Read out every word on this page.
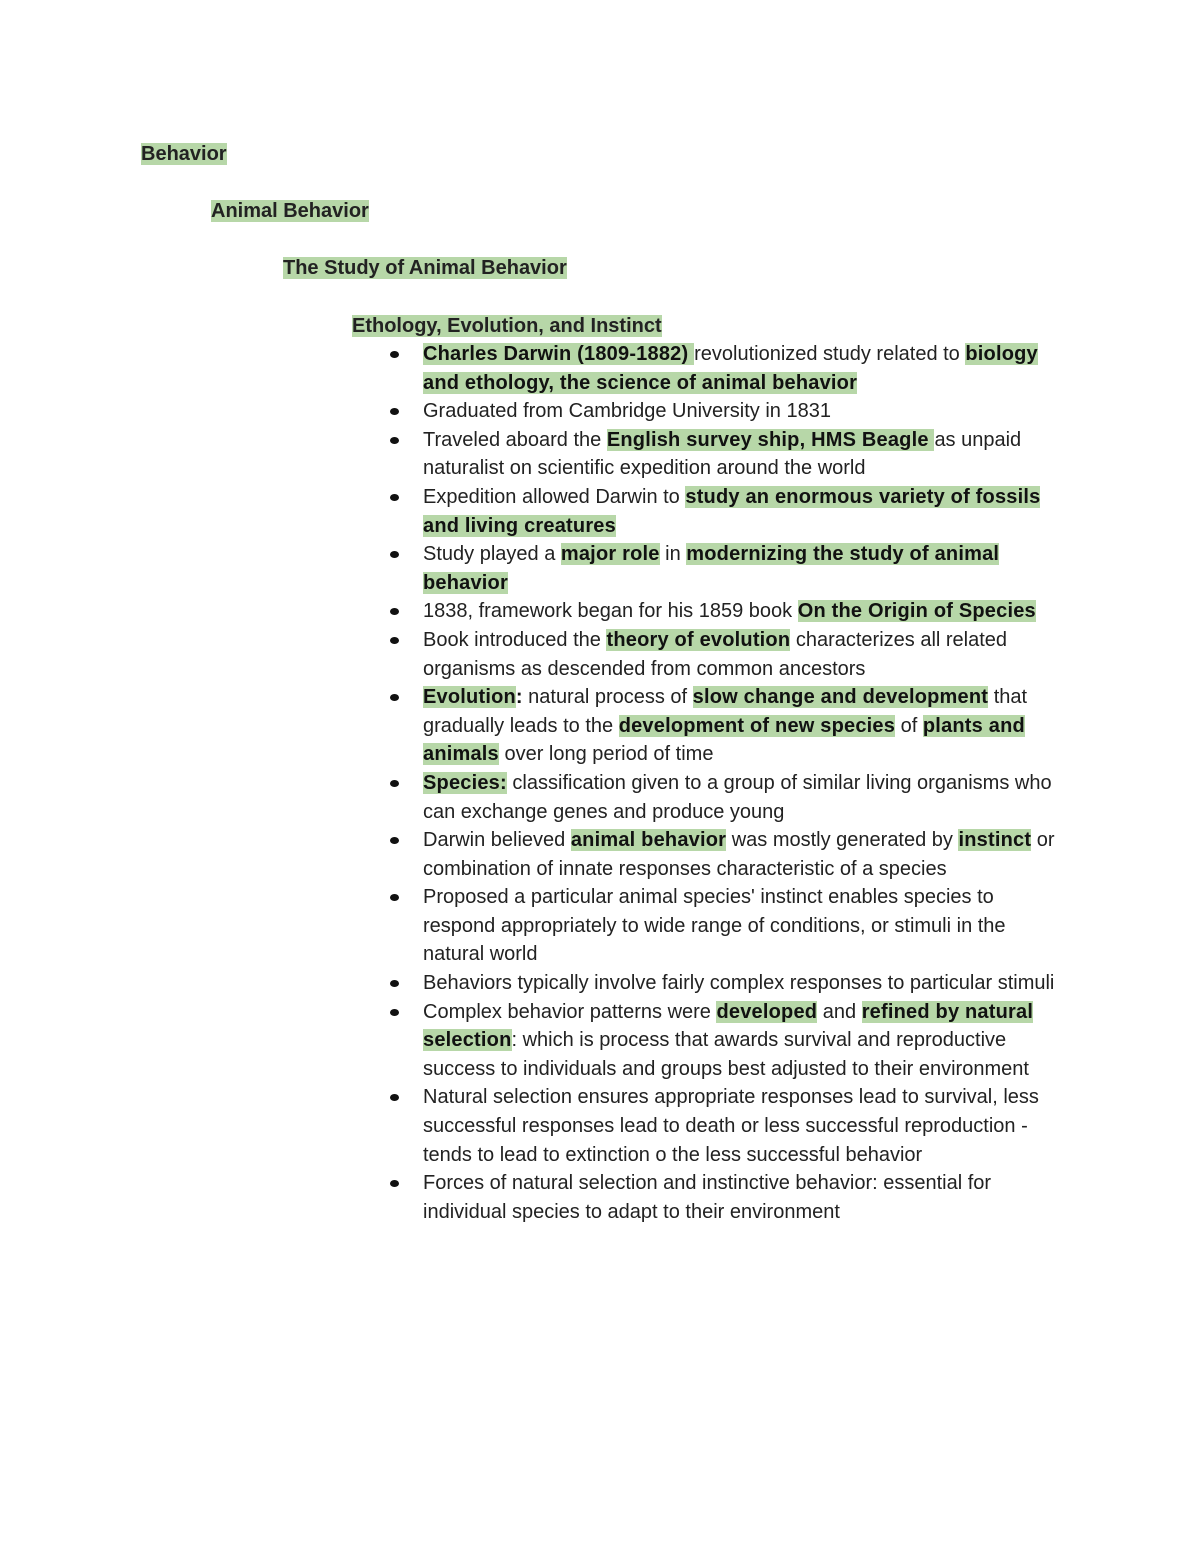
Behavior
Animal Behavior
The Study of Animal Behavior
Ethology, Evolution, and Instinct
Charles Darwin (1809-1882) revolutionized study related to biology and ethology, the science of animal behavior
Graduated from Cambridge University in 1831
Traveled aboard the English survey ship, HMS Beagle as unpaid naturalist on scientific expedition around the world
Expedition allowed Darwin to study an enormous variety of fossils and living creatures
Study played a major role in modernizing the study of animal behavior
1838, framework began for his 1859 book On the Origin of Species
Book introduced the theory of evolution characterizes all related organisms as descended from common ancestors
Evolution: natural process of slow change and development that gradually leads to the development of new species of plants and animals over long period of time
Species: classification given to a group of similar living organisms who can exchange genes and produce young
Darwin believed animal behavior was mostly generated by instinct or combination of innate responses characteristic of a species
Proposed a particular animal species' instinct enables species to respond appropriately to wide range of conditions, or stimuli in the natural world
Behaviors typically involve fairly complex responses to particular stimuli
Complex behavior patterns were developed and refined by natural selection: which is process that awards survival and reproductive success to individuals and groups best adjusted to their environment
Natural selection ensures appropriate responses lead to survival, less successful responses lead to death or less successful reproduction - tends to lead to extinction o the less successful behavior
Forces of natural selection and instinctive behavior: essential for individual species to adapt to their environment
